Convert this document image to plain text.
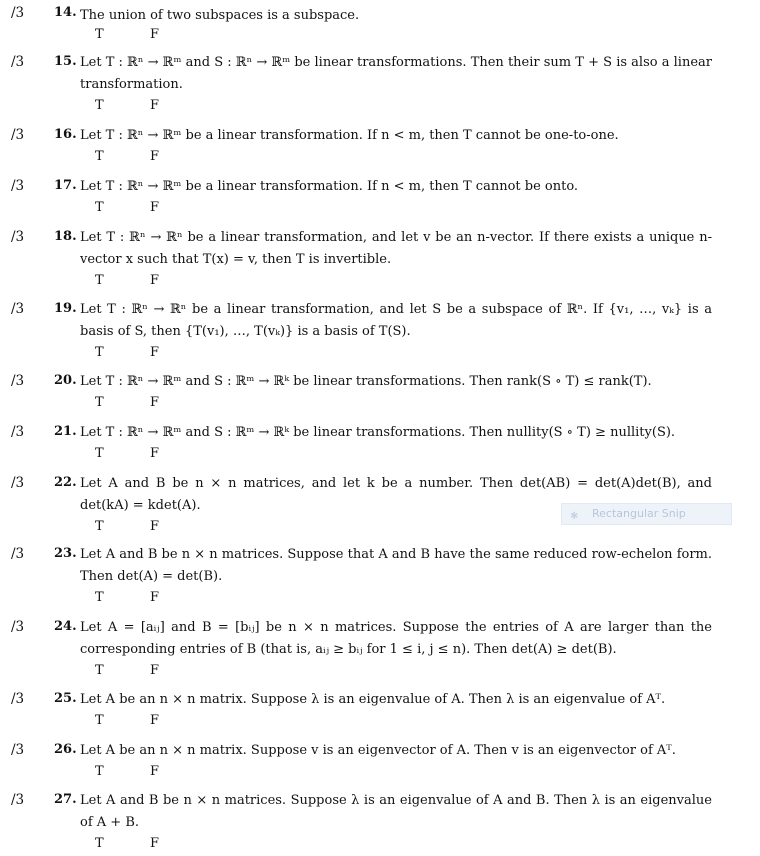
/3 14. The union of two subspaces is a subspace.
T	F
/3 15. Let T : ℝⁿ → ℝᵐ and S : ℝⁿ → ℝᵐ be linear transformations. Then their sum T + S is also a linear transformation.
T	F
/3 16. Let T : ℝⁿ → ℝᵐ be a linear transformation. If n < m, then T cannot be one-to-one.
T	F
/3 17. Let T : ℝⁿ → ℝᵐ be a linear transformation. If n < m, then T cannot be onto.
T	F
/3 18. Let T : ℝⁿ → ℝⁿ be a linear transformation, and let v be an n-vector. If there exists a unique n-vector x such that T(x) = v, then T is invertible.
T	F
/3 19. Let T : ℝⁿ → ℝⁿ be a linear transformation, and let S be a subspace of ℝⁿ. If {v₁, …, vₖ} is a basis of S, then {T(v₁), …, T(vₖ)} is a basis of T(S).
T	F
/3 20. Let T : ℝⁿ → ℝᵐ and S : ℝᵐ → ℝᵏ be linear transformations. Then rank(S ∘ T) ≤ rank(T).
T	F
/3 21. Let T : ℝⁿ → ℝᵐ and S : ℝᵐ → ℝᵏ be linear transformations. Then nullity(S ∘ T) ≥ nullity(S).
T	F
/3 22. Let A and B be n × n matrices, and let k be a number. Then det(AB) = det(A)det(B), and det(kA) = kdet(A).
T	F
✱ Rectangular Snip
/3 23. Let A and B be n × n matrices. Suppose that A and B have the same reduced row-echelon form. Then det(A) = det(B).
T	F
/3 24. Let A = [aᵢⱼ] and B = [bᵢⱼ] be n × n matrices. Suppose the entries of A are larger than the corresponding entries of B (that is, aᵢⱼ ≥ bᵢⱼ for 1 ≤ i, j ≤ n). Then det(A) ≥ det(B).
T	F
/3 25. Let A be an n × n matrix. Suppose λ is an eigenvalue of A. Then λ is an eigenvalue of Aᵀ.
T	F
/3 26. Let A be an n × n matrix. Suppose v is an eigenvector of A. Then v is an eigenvector of Aᵀ.
T	F
/3 27. Let A and B be n × n matrices. Suppose λ is an eigenvalue of A and B. Then λ is an eigenvalue of A + B.
T	F
